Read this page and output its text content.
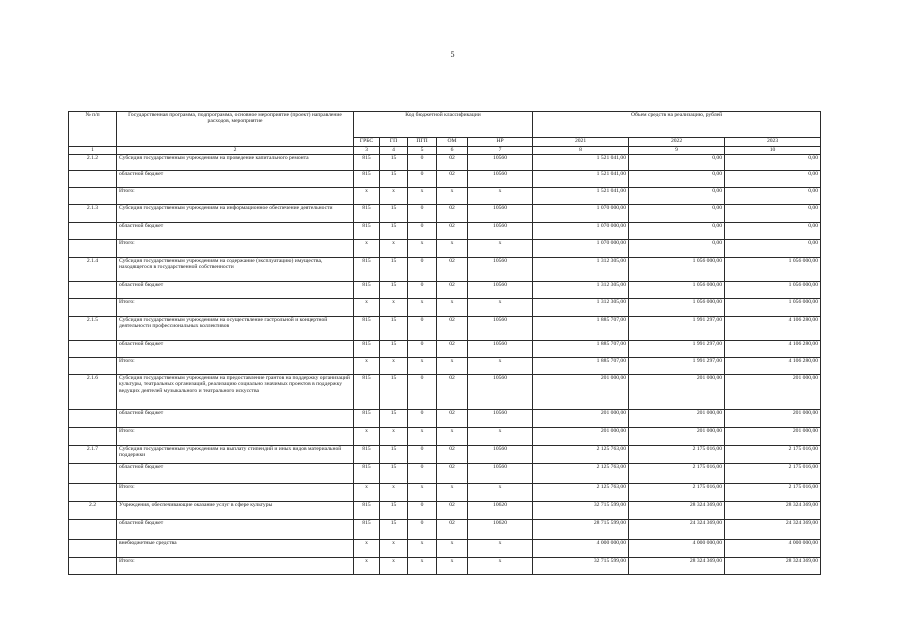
5
№ п/п	Государственная программа, подпрограмма, основное мероприятие (проект) направление расходов, мероприятие	Код бюджетной классификации					Объем средств на реализацию, рублей		
		ГРБС	ГП	ПГП	ОМ	НР	2021	2022	2023
1	2	3	4	5	6	7	8	9	10
2.1.2	Субсидия государственным учреждениям на проведение капитального ремонта	815	15	0	02	10560	1 521 041,00	0,00	0,00
	областной бюджет	815	15	0	02	10560	1 521 041,00	0,00	0,00
	Итого:	х	х	х	х	х	1 521 041,00	0,00	0,00
2.1.3	Субсидия государственным учреждениям на информационное обеспечение деятельности	815	15	0	02	10560	1 070 000,00	0,00	0,00
	областной бюджет	815	15	0	02	10560	1 070 000,00	0,00	0,00
	Итого:	х	х	х	х	х	1 070 000,00	0,00	0,00
2.1.4	Субсидия государственным учреждениям на содержание (эксплуатацию) имущества, находящегося в государственной собственности	815	15	0	02	10560	1 312 305,00	1 056 000,00	1 056 000,00
	областной бюджет	815	15	0	02	10560	1 312 305,00	1 056 000,00	1 056 000,00
	Итого:	х	х	х	х	х	1 312 305,00	1 056 000,00	1 056 000,00
2.1.5	Субсидия государственным учреждениям на осуществление гастрольной и концертной деятельности профессиональных коллективов	815	15	0	02	10560	1 885 707,00	1 991 297,00	4 106 280,00
	областной бюджет	815	15	0	02	10560	1 885 707,00	1 991 297,00	4 106 280,00
	Итого:	х	х	х	х	х	1 885 707,00	1 991 297,00	4 106 280,00
2.1.6	Субсидия государственным учреждениям на предоставление грантов на поддержку организаций культуры, театральных организаций, реализацию социально значимых проектов в поддержку ведущих деятелей музыкального и театрального искусства	815	15	0	02	10560	201 000,00	201 000,00	201 000,00
	областной бюджет	815	15	0	02	10560	201 000,00	201 000,00	201 000,00
	Итого:	х	х	х	х	х	201 000,00	201 000,00	201 000,00
2.1.7	Субсидия государственным учреждениям на выплату стипендий и иных видов материальной поддержки	815	15	0	02	10560	2 125 763,00	2 175 016,00	2 175 016,00
	областной бюджет	815	15	0	02	10560	2 125 763,00	2 175 016,00	2 175 016,00
	Итого:	х	х	х	х	х	2 125 763,00	2 175 016,00	2 175 016,00
2.2	Учреждения, обеспечивающие оказание услуг в сфере культуры	815	15	0	02	10620	32 715 599,00	28 324 369,00	28 324 369,00
	областной бюджет	815	15	0	02	10620	28 715 599,00	24 324 369,00	24 324 369,00
	внебюджетные средства	х	х	х	х	х	4 000 000,00	4 000 000,00	4 000 000,00
	Итого:	х	х	х	х	х	32 715 599,00	28 324 369,00	28 324 369,00
